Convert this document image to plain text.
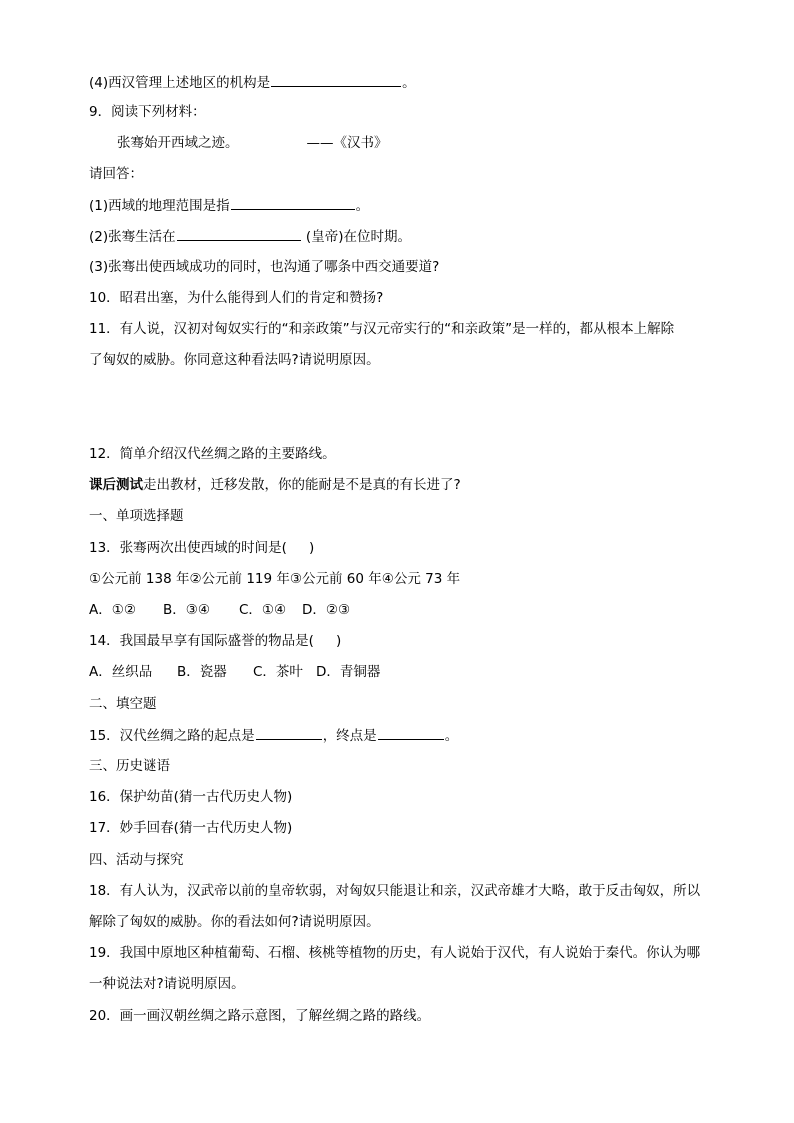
(4)西汉管理上述地区的机构是	。
9．阅读下列材料：
张骞始开西域之迹。	——《汉书》
请回答：
(1)西域的地理范围是指	。
(2)张骞生活在	(皇帝)在位时期。
(3)张骞出使西域成功的同时，也沟通了哪条中西交通要道?
10．昭君出塞，为什么能得到人们的肯定和赞扬?
11．有人说，汉初对匈奴实行的“和亲政策”与汉元帝实行的“和亲政策”是一样的，都从根本上解除
了匈奴的威胁。你同意这种看法吗?请说明原因。
12．简单介绍汉代丝绸之路的主要路线。
课后测试走出教材，迁移发散，你的能耐是不是真的有长进了?
一、单项选择题
13．张骞两次出使西域的时间是( )
①公元前 138 年②公元前 119 年③公元前 60 年④公元 73 年
A．①② B．③④ C．①④ D．②③
14．我国最早享有国际盛誉的物品是( )
A．丝织品 B．瓷器 C．茶叶 D．青铜器
二、填空题
15．汉代丝绸之路的起点是	，终点是	。
三、历史谜语
16．保护幼苗(猜一古代历史人物)
17．妙手回春(猜一古代历史人物)
四、活动与探究
18．有人认为，汉武帝以前的皇帝软弱，对匈奴只能退让和亲，汉武帝雄才大略，敢于反击匈奴，所以
解除了匈奴的威胁。你的看法如何?请说明原因。
19．我国中原地区种植葡萄、石榴、核桃等植物的历史，有人说始于汉代，有人说始于秦代。你认为哪
一种说法对?请说明原因。
20．画一画汉朝丝绸之路示意图，了解丝绸之路的路线。
